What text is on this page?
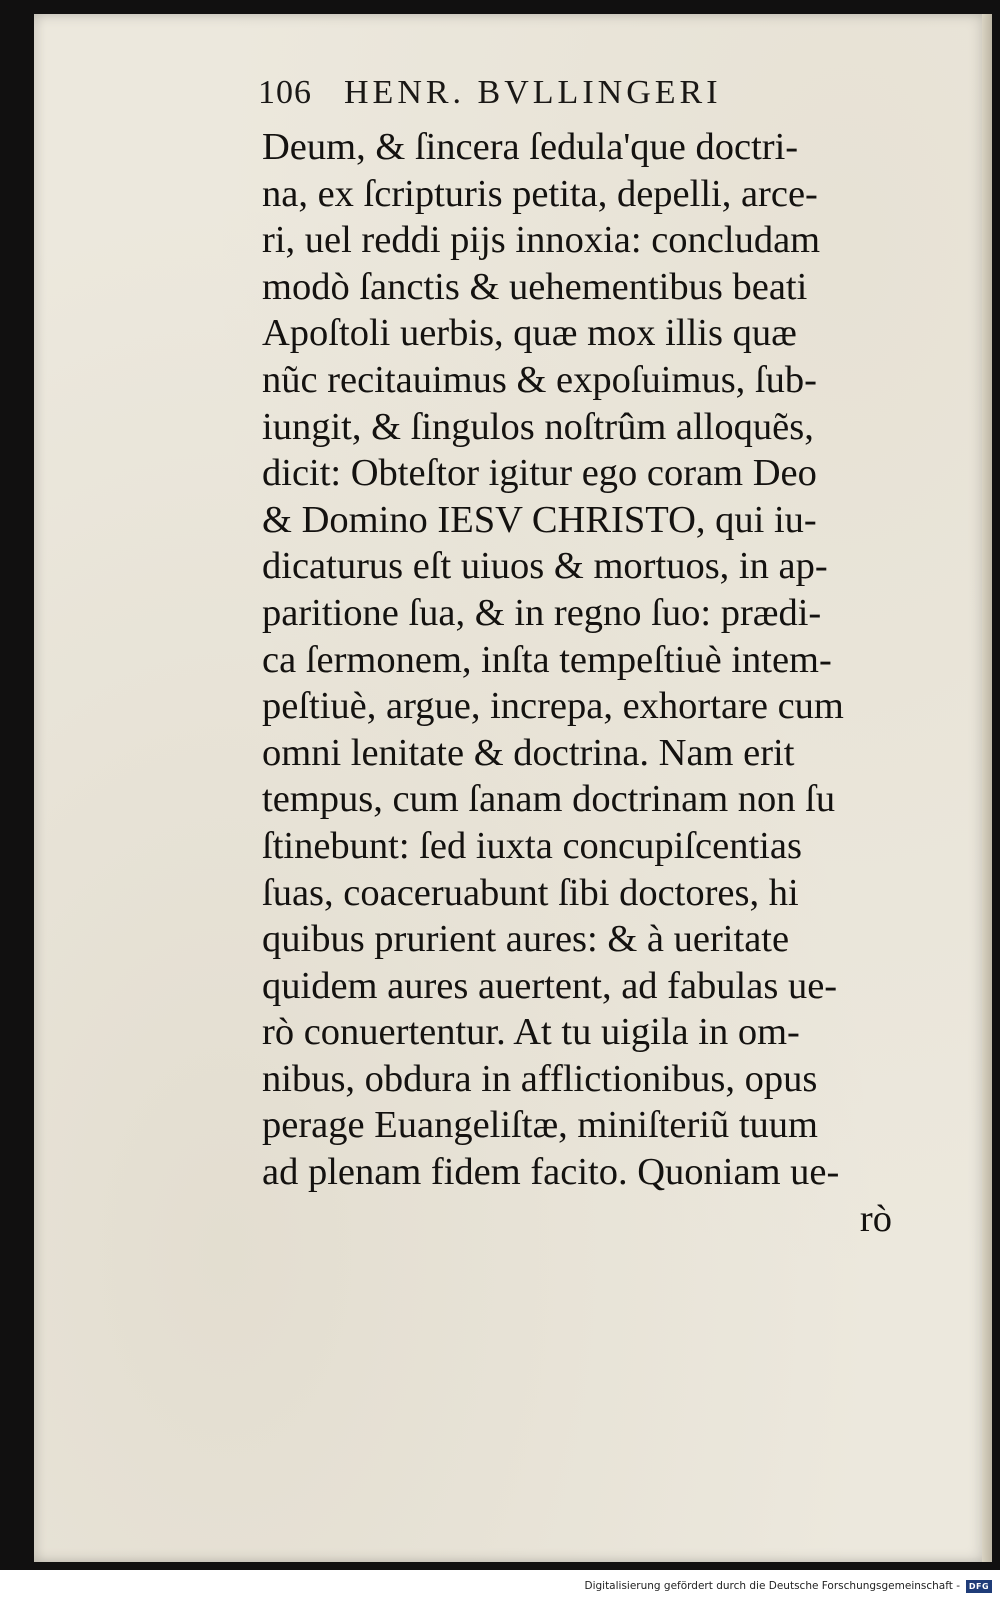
106 HENR. BVLLINGERI
Deum, & ſincera ſedula'que doctri-
na, ex ſcripturis petita, depelli, arce-
ri, uel reddi pijs innoxia: concludam
modò ſanctis & uehementibus beati
Apoſtoli uerbis, quæ mox illis quæ
nũc recitauimus & expoſuimus, ſub-
iungit, & ſingulos noſtrûm alloquẽs,
dicit: Obteſtor igitur ego coram Deo
& Domino IESV CHRISTO, qui iu-
dicaturus eſt uiuos & mortuos, in ap-
paritione ſua, & in regno ſuo: prædi-
ca ſermonem, inſta tempeſtiuè intem-
peſtiuè, argue, increpa, exhortare cum
omni lenitate & doctrina. Nam erit
tempus, cum ſanam doctrinam non ſu
ſtinebunt: ſed iuxta concupiſcentias
ſuas, coaceruabunt ſibi doctores, hi
quibus prurient aures: & à ueritate
quidem aures auertent, ad fabulas ue-
rò conuertentur. At tu uigila in om-
nibus, obdura in afflictionibus, opus
perage Euangeliſtæ, miniſteriũ tuum
ad plenam fidem facito. Quoniam ue-
rò
Digitalisierung gefördert durch die Deutsche Forschungsgemeinschaft -	DFG
